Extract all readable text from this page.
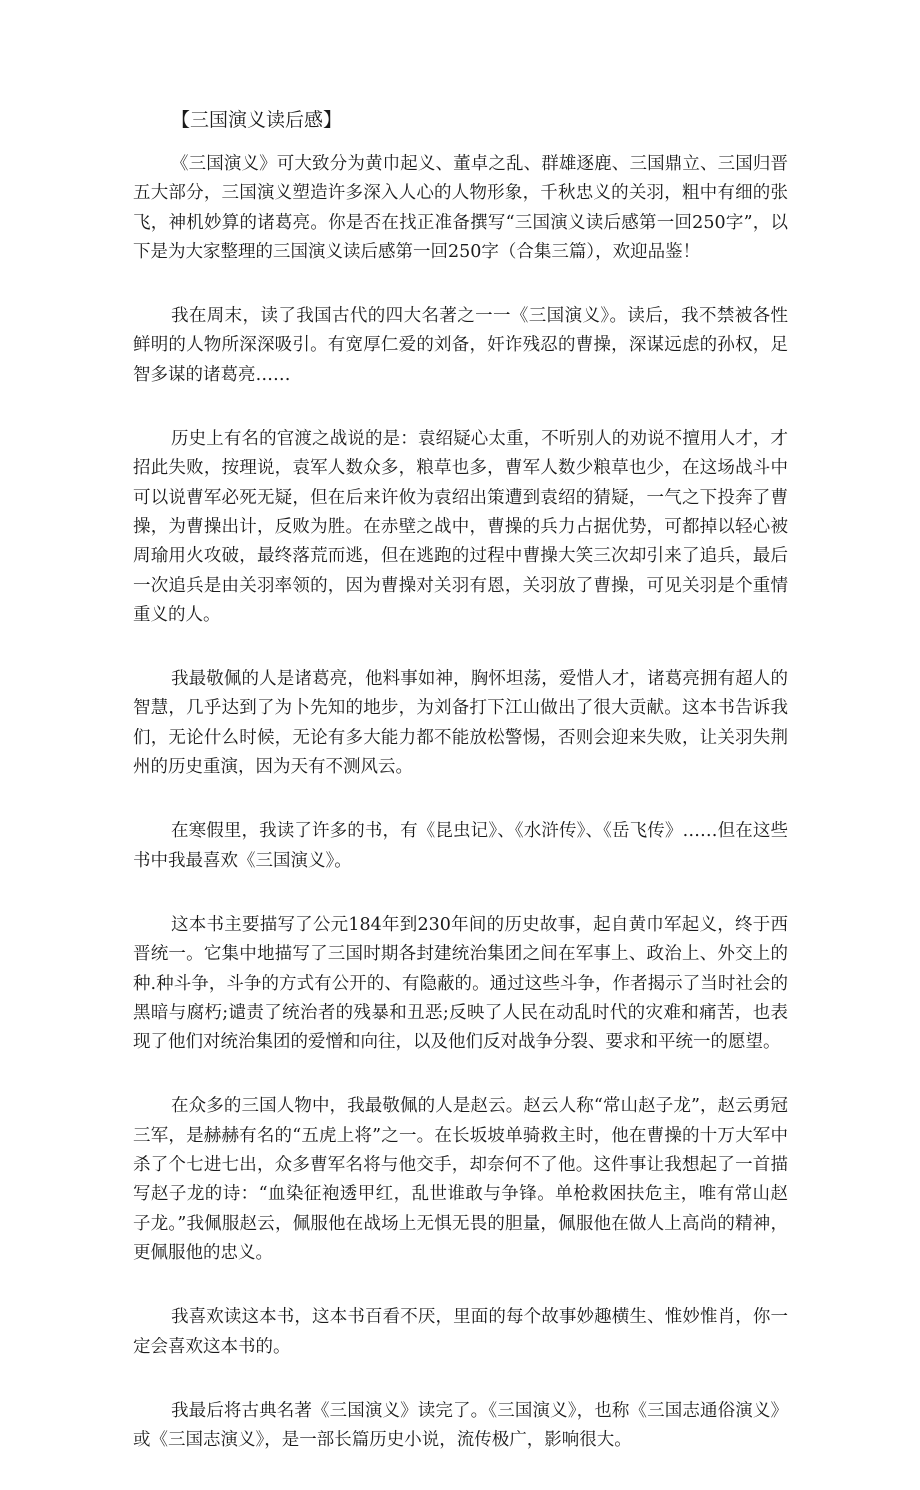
【三国演义读后感】

《三国演义》可大致分为黄巾起义、董卓之乱、群雄逐鹿、三国鼎立、三国归晋五大部分，三国演义塑造许多深入人心的人物形象，千秋忠义的关羽，粗中有细的张飞，神机妙算的诸葛亮。你是否在找正准备撰写“三国演义读后感第一回250字”，以下是为大家整理的三国演义读后感第一回250字（合集三篇），欢迎品鉴！

我在周末，读了我国古代的四大名著之一一《三国演义》。读后，我不禁被各性鲜明的人物所深深吸引。有宽厚仁爱的刘备，奸诈残忍的曹操，深谋远虑的孙权，足智多谋的诸葛亮……

历史上有名的官渡之战说的是：袁绍疑心太重，不听别人的劝说不擅用人才，才招此失败，按理说，袁军人数众多，粮草也多，曹军人数少粮草也少，在这场战斗中可以说曹军必死无疑，但在后来许攸为袁绍出策遭到袁绍的猜疑，一气之下投奔了曹操，为曹操出计，反败为胜。在赤壁之战中，曹操的兵力占据优势，可都掉以轻心被周瑜用火攻破，最终落荒而逃，但在逃跑的过程中曹操大笑三次却引来了追兵，最后一次追兵是由关羽率领的，因为曹操对关羽有恩，关羽放了曹操，可见关羽是个重情重义的人。

我最敬佩的人是诸葛亮，他料事如神，胸怀坦荡，爱惜人才，诸葛亮拥有超人的智慧，几乎达到了为卜先知的地步，为刘备打下江山做出了很大贡献。这本书告诉我们，无论什么时候，无论有多大能力都不能放松警惕，否则会迎来失败，让关羽失荆州的历史重演，因为天有不测风云。

在寒假里，我读了许多的书，有《昆虫记》、《水浒传》、《岳飞传》……但在这些书中我最喜欢《三国演义》。

这本书主要描写了公元184年到230年间的历史故事，起自黄巾军起义，终于西晋统一。它集中地描写了三国时期各封建统治集团之间在军事上、政治上、外交上的种.种斗争，斗争的方式有公开的、有隐蔽的。通过这些斗争，作者揭示了当时社会的黑暗与腐朽;谴责了统治者的残暴和丑恶;反映了人民在动乱时代的灾难和痛苦，也表现了他们对统治集团的爱憎和向往，以及他们反对战争分裂、要求和平统一的愿望。

在众多的三国人物中，我最敬佩的人是赵云。赵云人称“常山赵子龙”，赵云勇冠三军，是赫赫有名的“五虎上将”之一。在长坂坡单骑救主时，他在曹操的十万大军中杀了个七进七出，众多曹军名将与他交手，却奈何不了他。这件事让我想起了一首描写赵子龙的诗：“血染征袍透甲红，乱世谁敢与争锋。单枪救困扶危主，唯有常山赵子龙。”我佩服赵云，佩服他在战场上无惧无畏的胆量，佩服他在做人上高尚的精神，更佩服他的忠义。

我喜欢读这本书，这本书百看不厌，里面的每个故事妙趣横生、惟妙惟肖，你一定会喜欢这本书的。

我最后将古典名著《三国演义》读完了。《三国演义》，也称《三国志通俗演义》或《三国志演义》，是一部长篇历史小说，流传极广，影响很大。
